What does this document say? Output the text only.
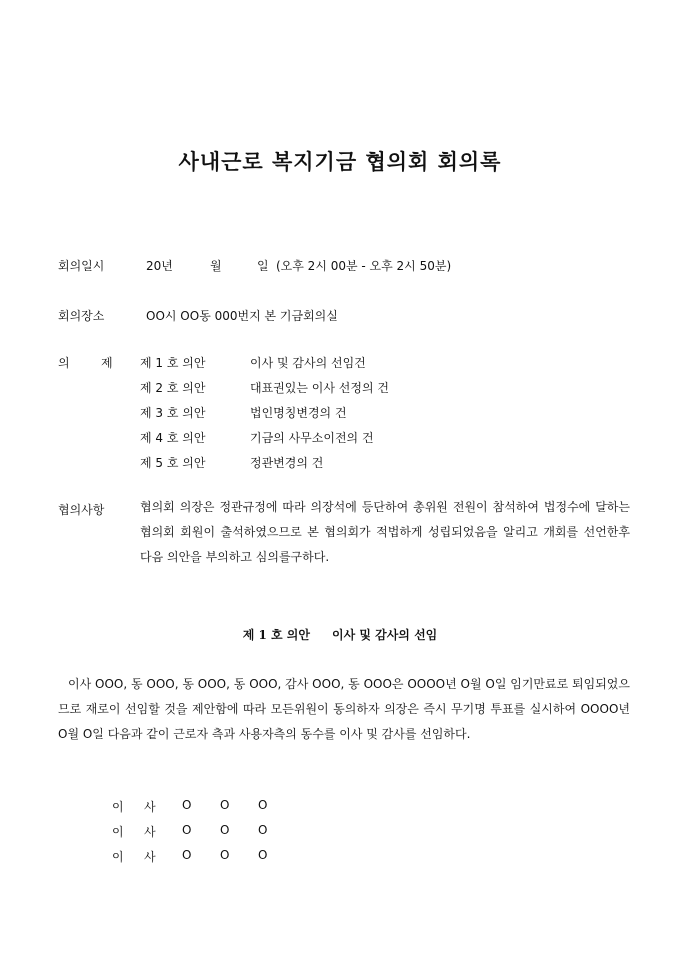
사내근로 복지기금 협의회 회의록
회의일시	20년	월	일 (오후 2시 00분 - 오후 2시 50분)
회의장소	OO시 OO동 000번지 본 기금회의실
의	제 제 1 호 의안	이사 및 감사의 선임건
제 2 호 의안	대표권있는 이사 선정의 건
제 3 호 의안	법인명칭변경의 건
제 4 호 의안	기금의 사무소이전의 건
제 5 호 의안	정관변경의 건
협의사항	협의회 의장은 정관규정에 따라 의장석에 등단하여 총위원 전원이 참석하여 법정수에 달하는 협의회 회원이 출석하였으므로 본 협의회가 적법하게 성립되었음을 알리고 개회를 선언한후 다음 의안을 부의하고 심의를구하다.
제 1 호 의안 이사 및 감사의 선임
이사 OOO, 동 OOO, 동 OOO, 동 OOO, 감사 OOO, 동 OOO은 OOOO년 O월 O일 임기만료로 퇴임되었으므로 재로이 선임할 것을 제안함에 따라 모든위원이 동의하자 의장은 즉시 무기명 투표를 실시하여 OOOO년 O월 O일 다음과 같이 근로자 측과 사용자측의 동수를 이사 및 감사를 선임하다.
이 사 O O O
이 사 O O O
이 사 O O O
